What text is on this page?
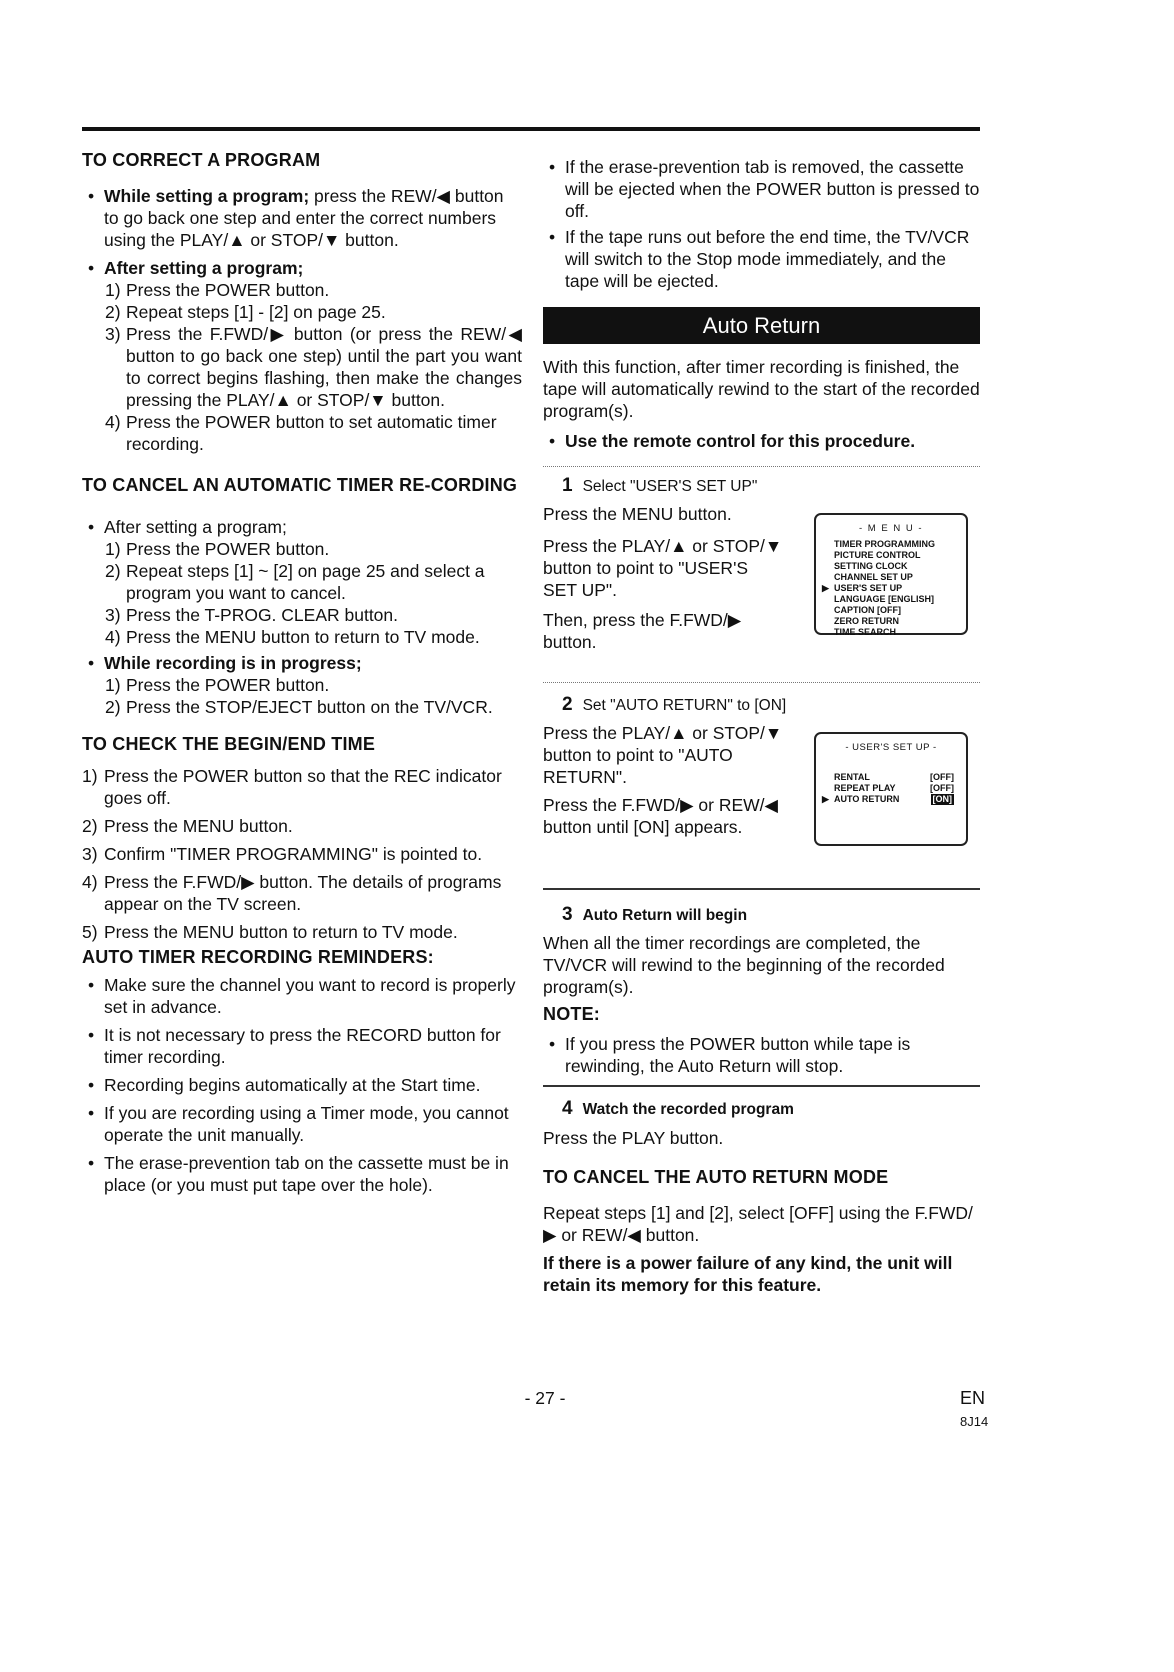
TO CORRECT A PROGRAM

• While setting a program; press the REW/◀ button to go back one step and enter the correct numbers using the PLAY/▲ or STOP/▼ button.
• After setting a program;
1) Press the POWER button.
2) Repeat steps [1] - [2] on page 25.
3) Press the F.FWD/▶ button (or press the REW/◀ button to go back one step) until the part you want to correct begins flashing, then make the changes pressing the PLAY/▲ or STOP/▼ button.
4) Press the POWER button to set automatic timer recording.

TO CANCEL AN AUTOMATIC TIMER RE-CORDING

• After setting a program;
1) Press the POWER button.
2) Repeat steps [1] ~ [2] on page 25 and select a program you want to cancel.
3) Press the T-PROG. CLEAR button.
4) Press the MENU button to return to TV mode.
• While recording is in progress;
1) Press the POWER button.
2) Press the STOP/EJECT button on the TV/VCR.

TO CHECK THE BEGIN/END TIME

1) Press the POWER button so that the REC indicator goes off.
2) Press the MENU button.
3) Confirm "TIMER PROGRAMMING" is pointed to.
4) Press the F.FWD/▶ button. The details of programs appear on the TV screen.
5) Press the MENU button to return to TV mode.

AUTO TIMER RECORDING REMINDERS:

• Make sure the channel you want to record is properly set in advance.
• It is not necessary to press the RECORD button for timer recording.
• Recording begins automatically at the Start time.
• If you are recording using a Timer mode, you cannot operate the unit manually.
• The erase-prevention tab on the cassette must be in place (or you must put tape over the hole).
• If the erase-prevention tab is removed, the cassette will be ejected when the POWER button is pressed to off.
• If the tape runs out before the end time, the TV/VCR will switch to the Stop mode immediately, and the tape will be ejected.
Auto Return

With this function, after timer recording is finished, the tape will automatically rewind to the start of the recorded program(s).

• Use the remote control for this procedure.
1 Select "USER'S SET UP"

Press the MENU button.

Press the PLAY/▲ or STOP/▼ button to point to "USER'S SET UP".

Then, press the F.FWD/▶ button.

- M E N U -
TIMER PROGRAMMING
PICTURE CONTROL
SETTING CLOCK
CHANNEL SET UP
▶ USER'S SET UP
LANGUAGE [ENGLISH]
CAPTION [OFF]
ZERO RETURN
TIME SEARCH
2 Set "AUTO RETURN" to [ON]

Press the PLAY/▲ or STOP/▼ button to point to "AUTO RETURN".

Press the F.FWD/▶ or REW/◀ button until [ON] appears.

- USER'S SET UP -
RENTAL	[OFF]
REPEAT PLAY	[OFF]
▶ AUTO RETURN	[ON]
3 Auto Return will begin

When all the timer recordings are completed, the TV/VCR will rewind to the beginning of the recorded program(s).

NOTE:

• If you press the POWER button while tape is rewinding, the Auto Return will stop.
4 Watch the recorded program

Press the PLAY button.

TO CANCEL THE AUTO RETURN MODE

Repeat steps [1] and [2], select [OFF] using the F.FWD/▶ or REW/◀ button.

If there is a power failure of any kind, the unit will retain its memory for this feature.

- 27 -	EN
8J14
